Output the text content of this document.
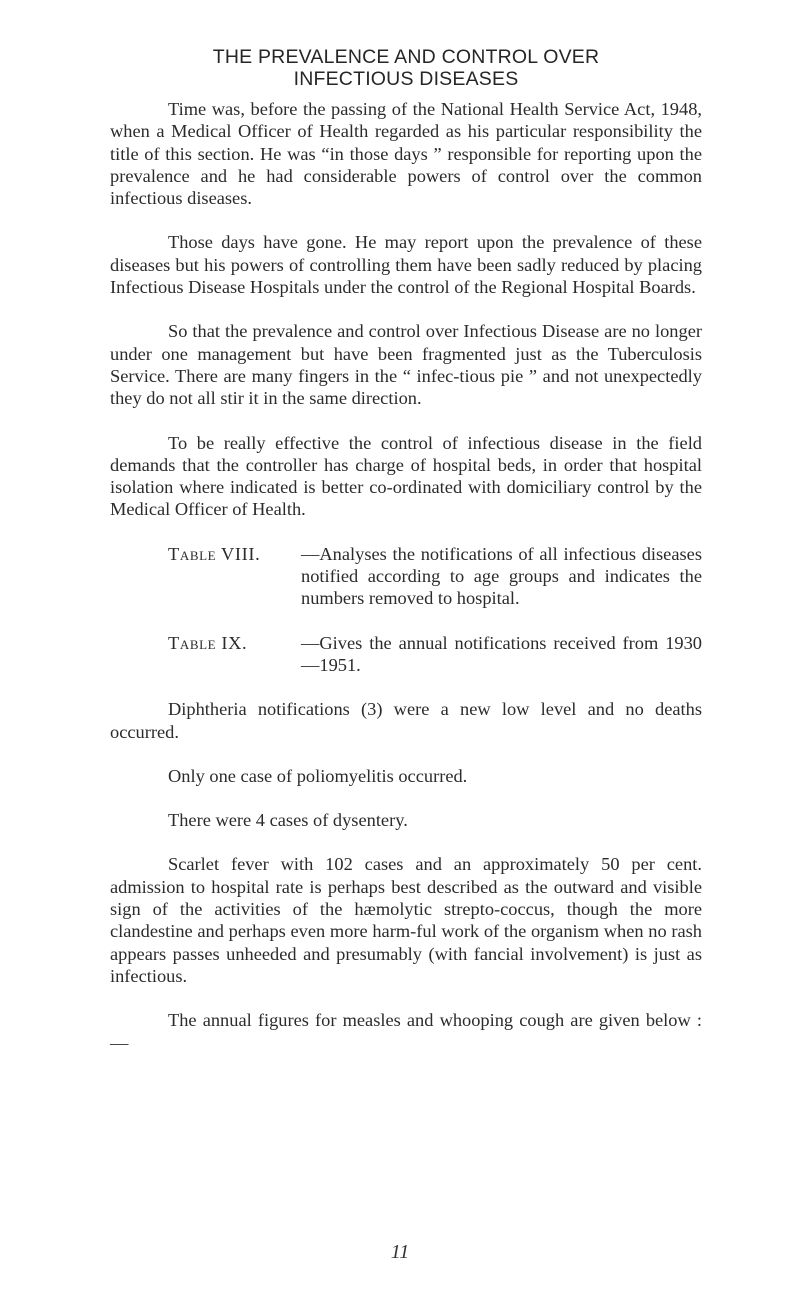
THE PREVALENCE AND CONTROL OVER
INFECTIOUS DISEASES

Time was, before the passing of the National Health Service Act, 1948, when a Medical Officer of Health regarded as his particular responsibility the title of this section. He was “in those days ” responsible for reporting upon the prevalence and he had considerable powers of control over the common infectious diseases.

Those days have gone. He may report upon the prevalence of these diseases but his powers of controlling them have been sadly reduced by placing Infectious Disease Hospitals under the control of the Regional Hospital Boards.

So that the prevalence and control over Infectious Disease are no longer under one management but have been fragmented just as the Tuberculosis Service. There are many fingers in the “ infec-tious pie ” and not unexpectedly they do not all stir it in the same direction.

To be really effective the control of infectious disease in the field demands that the controller has charge of hospital beds, in order that hospital isolation where indicated is better co-ordinated with domiciliary control by the Medical Officer of Health.

Table VIII.	—Analyses the notifications of all infectious diseases notified according to age groups and indicates the numbers removed to hospital.
Table IX.	—Gives the annual notifications received from 1930—1951.

Diphtheria notifications (3) were a new low level and no deaths occurred.

Only one case of poliomyelitis occurred.

There were 4 cases of dysentery.

Scarlet fever with 102 cases and an approximately 50 per cent. admission to hospital rate is perhaps best described as the outward and visible sign of the activities of the hæmolytic strepto-coccus, though the more clandestine and perhaps even more harm-ful work of the organism when no rash appears passes unheeded and presumably (with fancial involvement) is just as infectious.

The annual figures for measles and whooping cough are given below :—

11
